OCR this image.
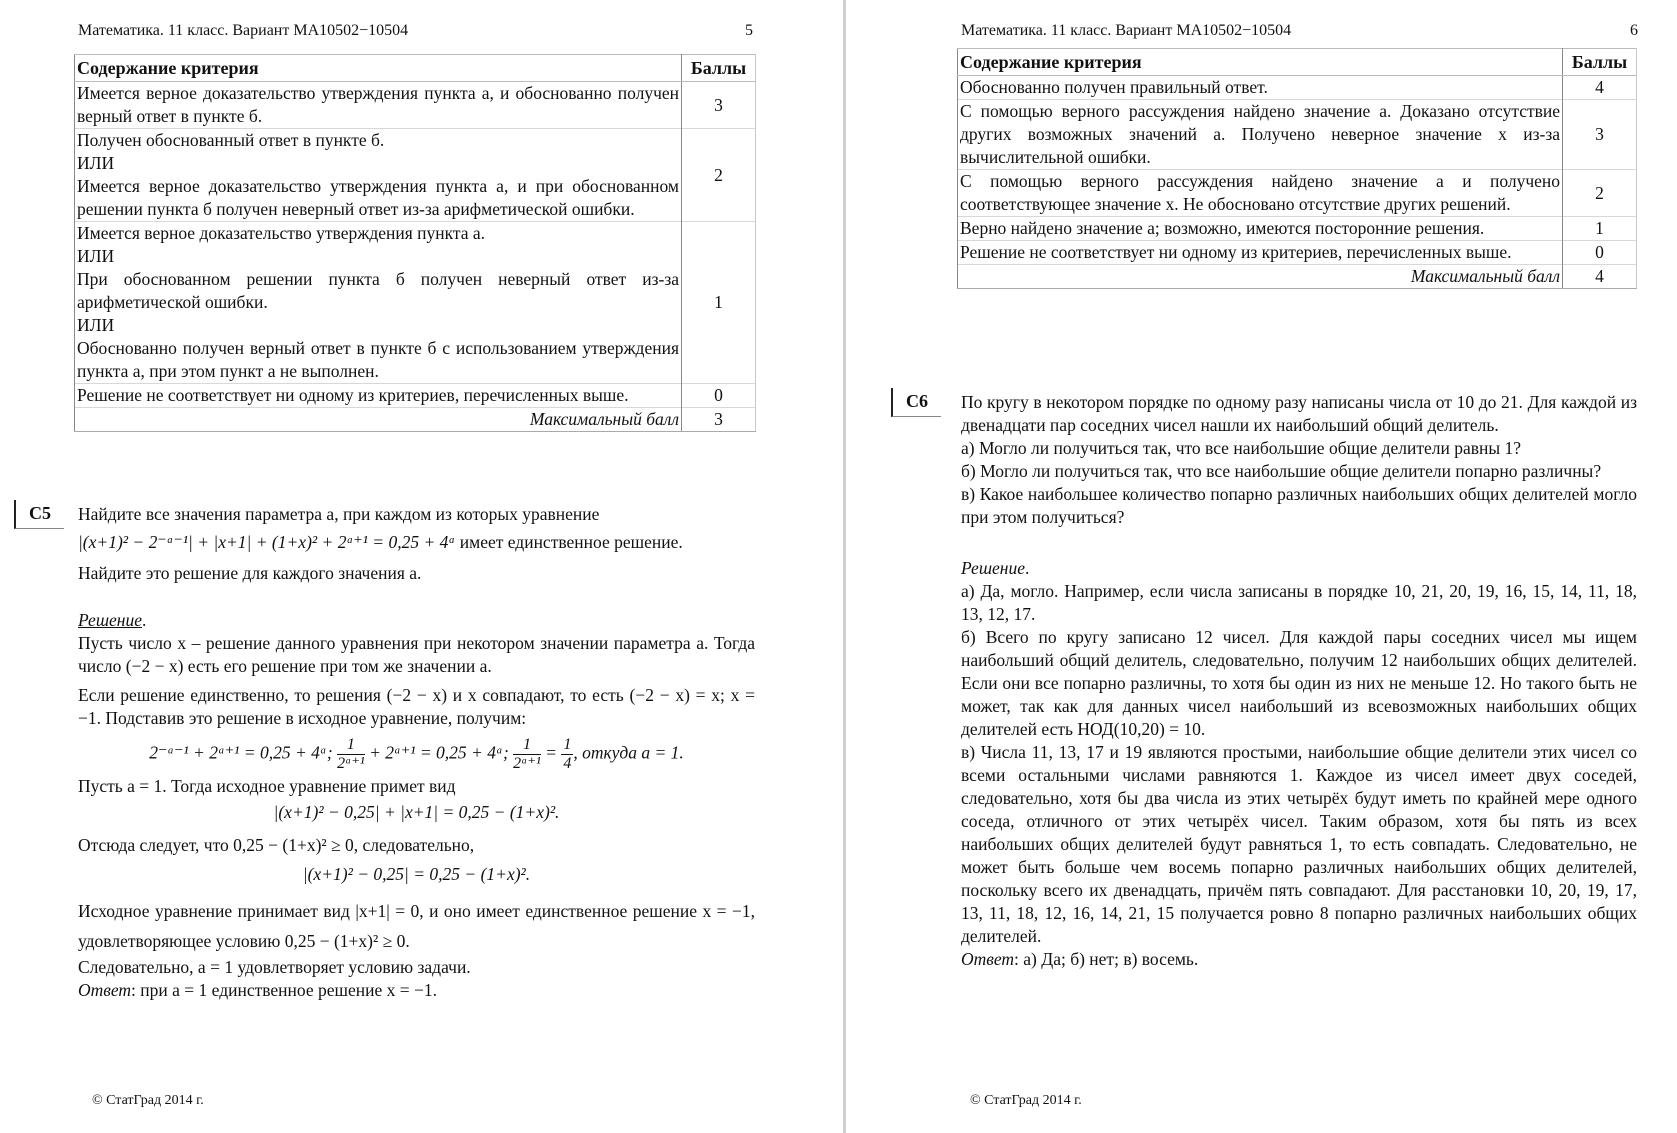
Математика. 11 класс. Вариант МА10502−10504	5
Содержание критерия	Баллы
Имеется верное доказательство утверждения пункта а, и обоснованно получен верный ответ в пункте б.	3

Получен обоснованный ответ в пункте б.
ИЛИ
Имеется верное доказательство утверждения пункта а, и при обоснованном решении пункта б получен неверный ответ из-за арифметической ошибки.	2

Имеется верное доказательство утверждения пункта а.
ИЛИ
При обоснованном решении пункта б получен неверный ответ из-за арифметической ошибки.
ИЛИ
Обоснованно получен верный ответ в пункте б с использованием утверждения пункта а, при этом пункт а не выполнен.	1
Решение не соответствует ни одному из критериев, перечисленных выше.	0
Максимальный балл	3
С5	Найдите все значения параметра a, при каждом из которых уравнение

|(x+1)² − 2⁻ᵃ⁻¹| + |x+1| + (1+x)² + 2ᵃ⁺¹ = 0,25 + 4ᵃ имеет единственное решение.

Найдите это решение для каждого значения a.

Решение.

Пусть число x – решение данного уравнения при некотором значении параметра a. Тогда число (−2 − x) есть его решение при том же значении a.

Если решение единственно, то решения (−2 − x) и x совпадают, то есть (−2 − x) = x; x = −1. Подставив это решение в исходное уравнение, получим:

2⁻ᵃ⁻¹ + 2ᵃ⁺¹ = 0,25 + 4ᵃ; $\frac{1}{\text{2ᵃ⁺¹}}$ + 2ᵃ⁺¹ = 0,25 + 4ᵃ; $\frac{1}{\text{2ᵃ⁺¹}} = \frac{1}{4}$ , откуда a = 1.

Пусть a = 1. Тогда исходное уравнение примет вид

|(x+1)² − 0,25| + |x+1| = 0,25 − (1+x)².

Отсюда следует, что 0,25 − (1+x)² ≥ 0, следовательно,

|(x+1)² − 0,25| = 0,25 − (1+x)².

Исходное уравнение принимает вид |x+1| = 0, и оно имеет единственное решение x = −1, удовлетворяющее условию 0,25 − (1+x)² ≥ 0.

Следовательно, a = 1 удовлетворяет условию задачи.

Ответ: при a = 1 единственное решение x = −1.

© СтатГрад 2014 г.
Математика. 11 класс. Вариант МА10502−10504	6
Содержание критерия	Баллы
Обоснованно получен правильный ответ.	4
С помощью верного рассуждения найдено значение a. Доказано отсутствие других возможных значений a. Получено неверное значение x из-за вычислительной ошибки.	3
С помощью верного рассуждения найдено значение a и получено соответствующее значение x. Не обосновано отсутствие других решений.	2
Верно найдено значение a; возможно, имеются посторонние решения.	1
Решение не соответствует ни одному из критериев, перечисленных выше.	0
Максимальный балл	4
С6	По кругу в некотором порядке по одному разу написаны числа от 10 до 21. Для каждой из двенадцати пар соседних чисел нашли их наибольший общий делитель.

а) Могло ли получиться так, что все наибольшие общие делители равны 1?

б) Могло ли получиться так, что все наибольшие общие делители попарно различны?

в) Какое наибольшее количество попарно различных наибольших общих делителей могло при этом получиться?

Решение.

а) Да, могло. Например, если числа записаны в порядке 10, 21, 20, 19, 16, 15, 14, 11, 18, 13, 12, 17.

б) Всего по кругу записано 12 чисел. Для каждой пары соседних чисел мы ищем наибольший общий делитель, следовательно, получим 12 наибольших общих делителей. Если они все попарно различны, то хотя бы один из них не меньше 12. Но такого быть не может, так как для данных чисел наибольший из всевозможных наибольших общих делителей есть НОД(10,20) = 10.

в) Числа 11, 13, 17 и 19 являются простыми, наибольшие общие делители этих чисел со всеми остальными числами равняются 1. Каждое из чисел имеет двух соседей, следовательно, хотя бы два числа из этих четырёх будут иметь по крайней мере одного соседа, отличного от этих четырёх чисел. Таким образом, хотя бы пять из всех наибольших общих делителей будут равняться 1, то есть совпадать. Следовательно, не может быть больше чем восемь попарно различных наибольших общих делителей, поскольку всего их двенадцать, причём пять совпадают. Для расстановки 10, 20, 19, 17, 13, 11, 18, 12, 16, 14, 21, 15 получается ровно 8 попарно различных наибольших общих делителей.

Ответ: а) Да; б) нет; в) восемь.

© СтатГрад 2014 г.
